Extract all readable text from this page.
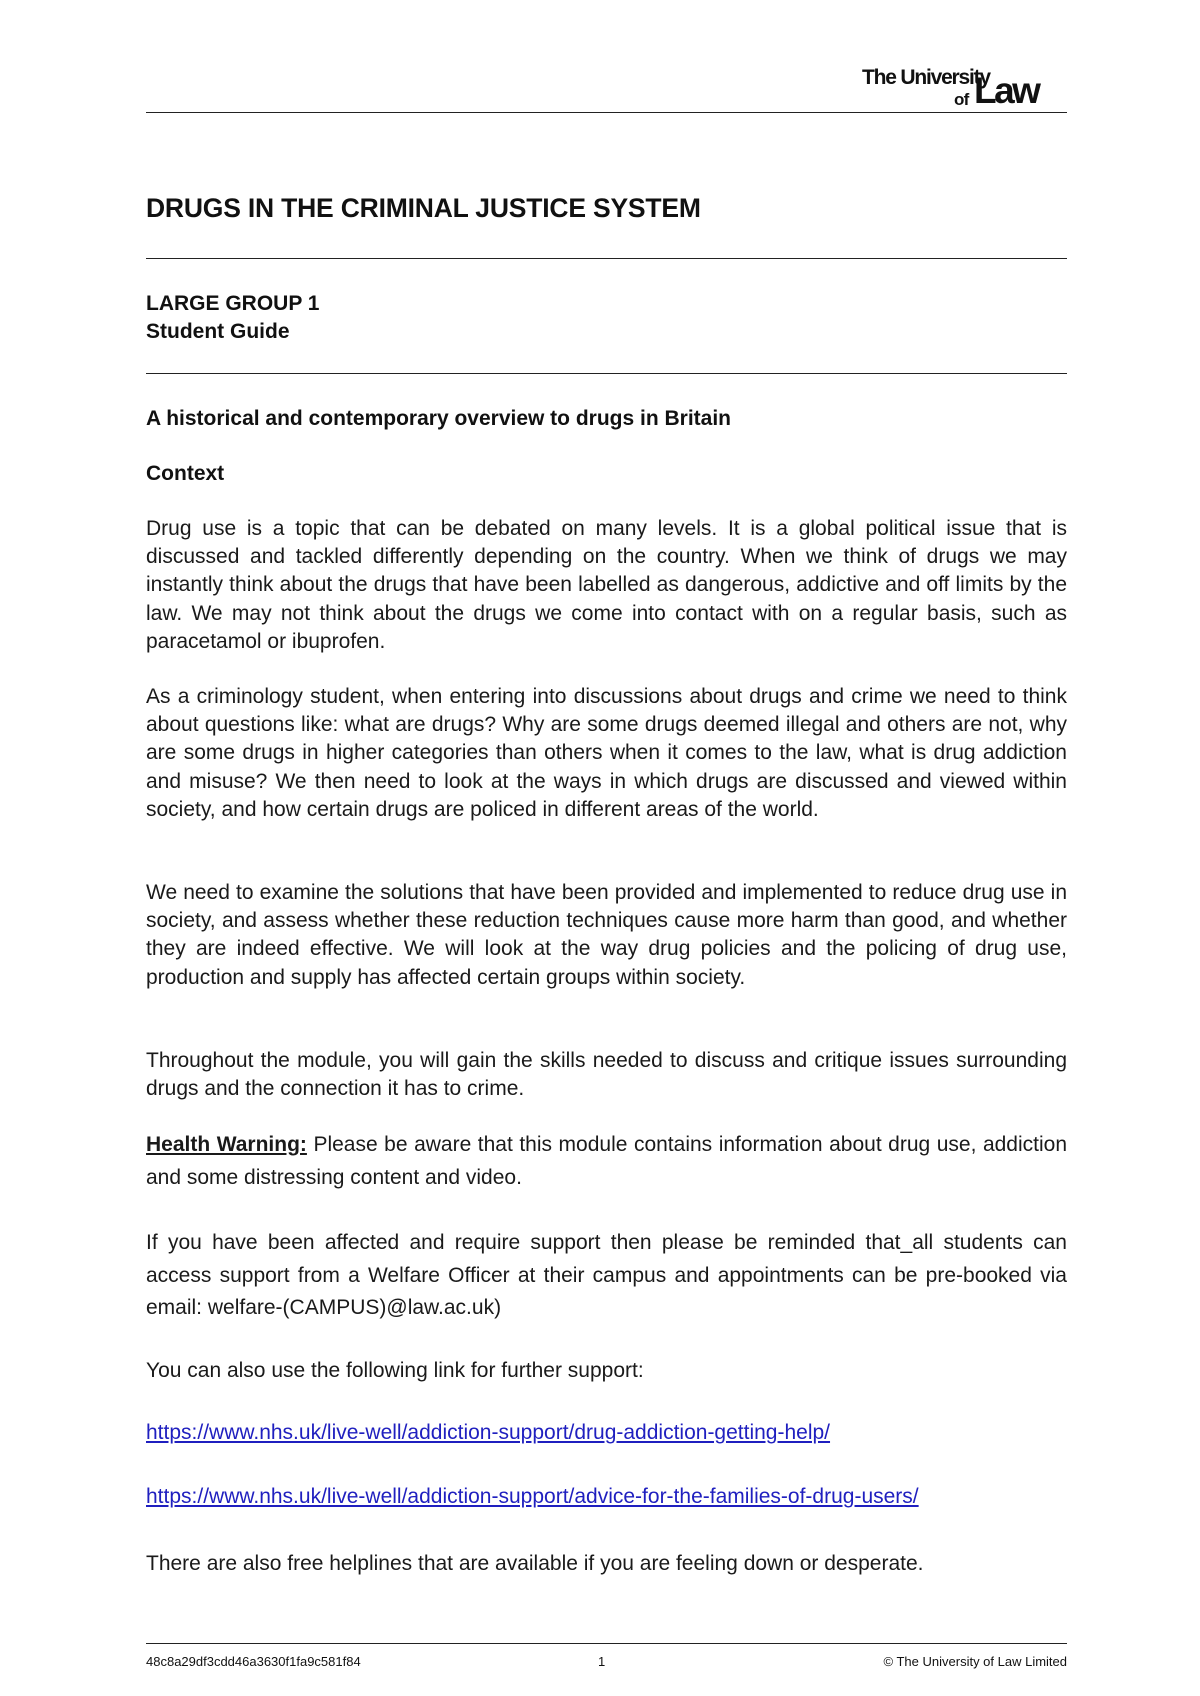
The University
of Law
DRUGS IN THE CRIMINAL JUSTICE SYSTEM
LARGE GROUP 1
Student Guide
A historical and contemporary overview to drugs in Britain
Context

Drug use is a topic that can be debated on many levels. It is a global political issue that is discussed and tackled differently depending on the country. When we think of drugs we may instantly think about the drugs that have been labelled as dangerous, addictive and off limits by the law. We may not think about the drugs we come into contact with on a regular basis, such as paracetamol or ibuprofen.

As a criminology student, when entering into discussions about drugs and crime we need to think about questions like: what are drugs? Why are some drugs deemed illegal and others are not, why are some drugs in higher categories than others when it comes to the law, what is drug addiction and misuse? We then need to look at the ways in which drugs are discussed and viewed within society, and how certain drugs are policed in different areas of the world.

We need to examine the solutions that have been provided and implemented to reduce drug use in society, and assess whether these reduction techniques cause more harm than good, and whether they are indeed effective. We will look at the way drug policies and the policing of drug use, production and supply has affected certain groups within society.

Throughout the module, you will gain the skills needed to discuss and critique issues surrounding drugs and the connection it has to crime.

Health Warning: Please be aware that this module contains information about drug use, addiction and some distressing content and video.

If you have been affected and require support then please be reminded that_all students can access support from a Welfare Officer at their campus and appointments can be pre-booked via email: welfare-(CAMPUS)@law.ac.uk)

You can also use the following link for further support:

https://www.nhs.uk/live-well/addiction-support/drug-addiction-getting-help/
https://www.nhs.uk/live-well/addiction-support/advice-for-the-families-of-drug-users/

There are also free helplines that are available if you are feeling down or desperate.

48c8a29df3cdd46a3630f1fa9c581f84	1	© The University of Law Limited
